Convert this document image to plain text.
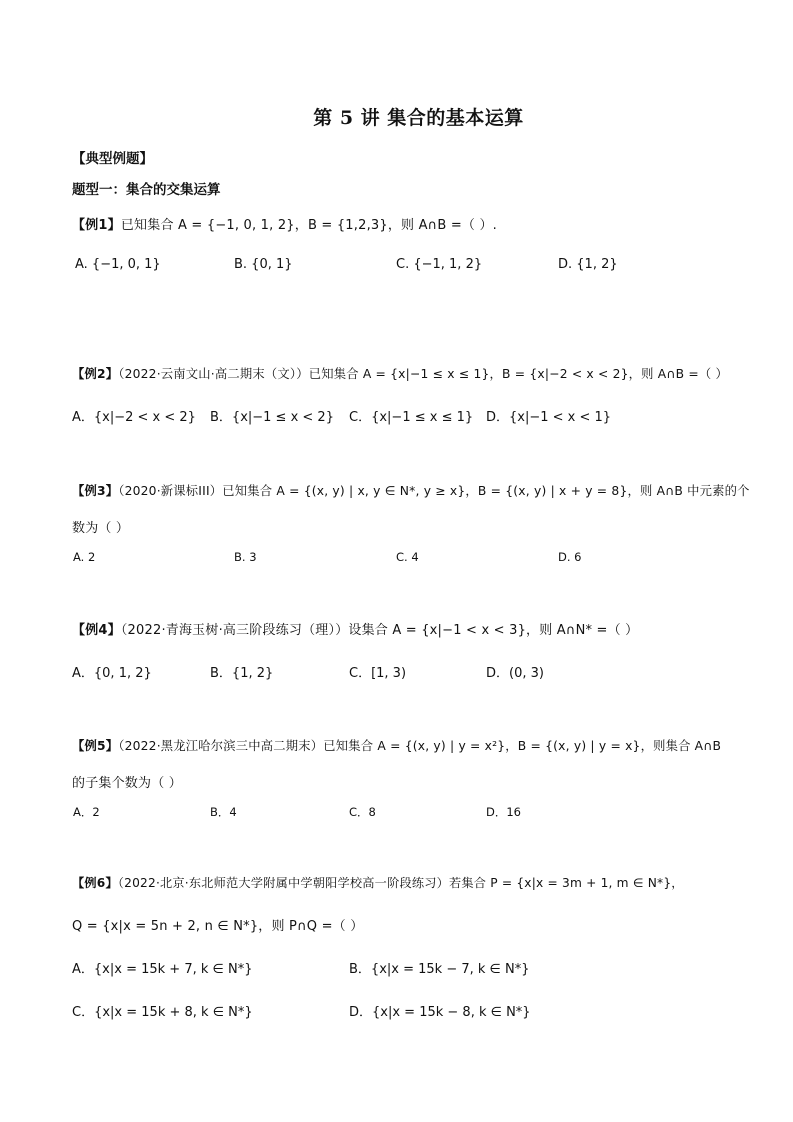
第 5 讲 集合的基本运算
【典型例题】
题型一：集合的交集运算
【例1】已知集合 A = {−1, 0, 1, 2}，B = {1,2,3}，则 A∩B =（ ）.
A. {−1, 0, 1}	B. {0, 1}	C. {−1, 1, 2}	D. {1, 2}
【例2】（2022·云南文山·高二期末（文））已知集合 A = {x|−1 ≤ x ≤ 1}，B = {x|−2 < x < 2}，则 A∩B =（ ）
A．{x|−2 < x < 2} B．{x|−1 ≤ x < 2} C．{x|−1 ≤ x ≤ 1} D．{x|−1 < x < 1}
【例3】（2020·新课标III）已知集合 A = {(x, y) | x, y ∈ N*, y ≥ x}，B = {(x, y) | x + y = 8}，则 A∩B 中元素的个
数为（ ）
A. 2	B. 3	C. 4	D. 6
【例4】（2022·青海玉树·高三阶段练习（理））设集合 A = {x|−1 < x < 3}，则 A∩N* =（ ）
A．{0, 1, 2}	B．{1, 2}	C．[1, 3)	D．(0, 3)
【例5】（2022·黑龙江哈尔滨三中高二期末）已知集合 A = {(x, y) | y = x²}，B = {(x, y) | y = x}，则集合 A∩B
的子集个数为（ ）
A．2	B．4	C．8	D．16
【例6】（2022·北京·东北师范大学附属中学朝阳学校高一阶段练习）若集合 P = {x|x = 3m + 1, m ∈ N*}，
Q = {x|x = 5n + 2, n ∈ N*}，则 P∩Q =（ ）
A．{x|x = 15k + 7, k ∈ N*}	B．{x|x = 15k − 7, k ∈ N*}
C．{x|x = 15k + 8, k ∈ N*}	D．{x|x = 15k − 8, k ∈ N*}
